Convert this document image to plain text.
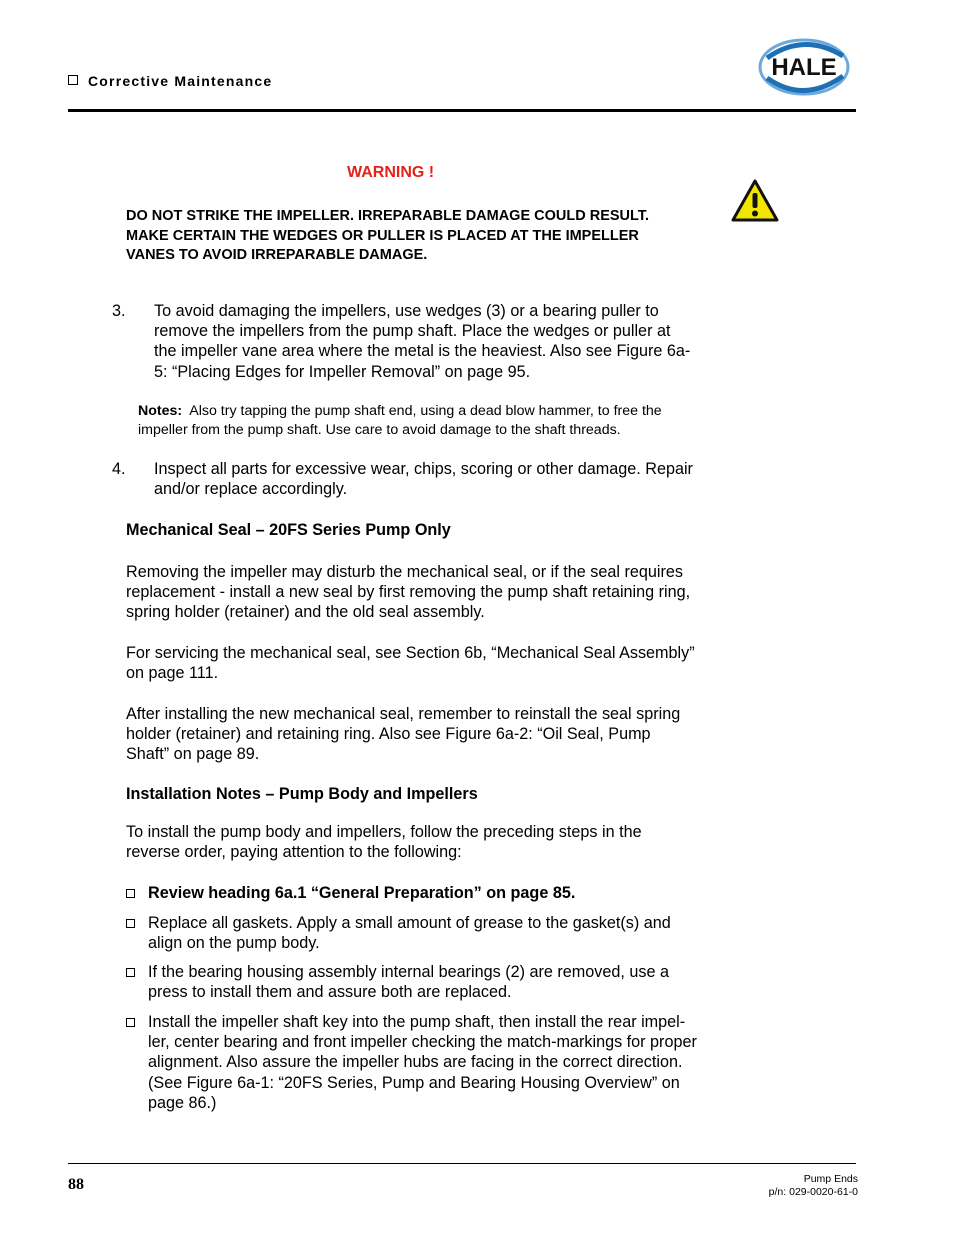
Corrective Maintenance	HALE
WARNING !
DO NOT STRIKE THE IMPELLER. IRREPARABLE DAMAGE COULD RESULT.
MAKE CERTAIN THE WEDGES OR PULLER IS PLACED AT THE IMPELLER
VANES TO AVOID IRREPARABLE DAMAGE.
3. To avoid damaging the impellers, use wedges (3) or a bearing puller to
remove the impellers from the pump shaft. Place the wedges or puller at
the impeller vane area where the metal is the heaviest. Also see Figure 6a-
5: “Placing Edges for Impeller Removal” on page 95.
Notes: Also try tapping the pump shaft end, using a dead blow hammer, to free the
impeller from the pump shaft. Use care to avoid damage to the shaft threads.
4. Inspect all parts for excessive wear, chips, scoring or other damage. Repair
and/or replace accordingly.
Mechanical Seal – 20FS Series Pump Only
Removing the impeller may disturb the mechanical seal, or if the seal requires
replacement - install a new seal by first removing the pump shaft retaining ring,
spring holder (retainer) and the old seal assembly.
For servicing the mechanical seal, see Section 6b, “Mechanical Seal Assembly”
on page 111.
After installing the new mechanical seal, remember to reinstall the seal spring
holder (retainer) and retaining ring. Also see Figure 6a-2: “Oil Seal, Pump
Shaft” on page 89.
Installation Notes – Pump Body and Impellers
To install the pump body and impellers, follow the preceding steps in the
reverse order, paying attention to the following:
Review heading 6a.1 “General Preparation” on page 85.
Replace all gaskets. Apply a small amount of grease to the gasket(s) and
align on the pump body.
If the bearing housing assembly internal bearings (2) are removed, use a
press to install them and assure both are replaced.
Install the impeller shaft key into the pump shaft, then install the rear impel-
ler, center bearing and front impeller checking the match-markings for proper
alignment. Also assure the impeller hubs are facing in the correct direction.
(See Figure 6a-1: “20FS Series, Pump and Bearing Housing Overview” on
page 86.)
88	Pump Ends
p/n: 029-0020-61-0
